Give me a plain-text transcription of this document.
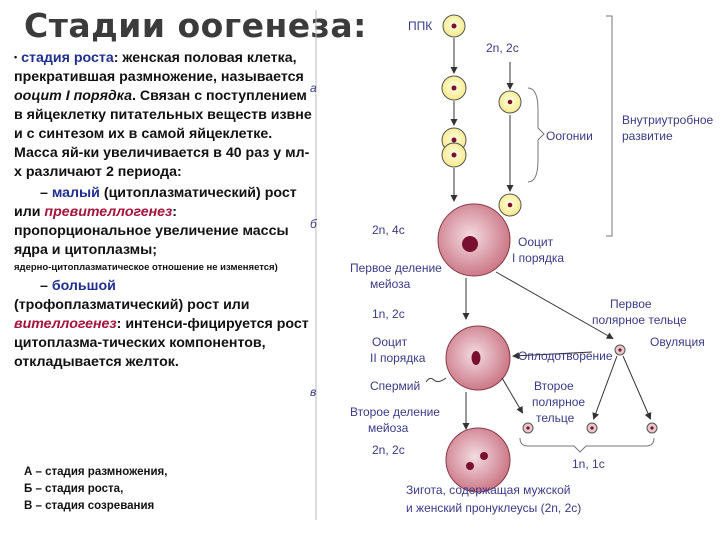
Стадии оогенеза:

• стадия роста: женская половая клетка, прекратившая размножение, называется ооцит I порядка. Связан с поступлением в яйцеклетку питательных веществ извне и с синтезом их в самой яйцеклетке. Масса яй-ки увеличивается в 40 раз у мл-х различают 2 периода:

– малый (цитоплазматический) рост или превителлогенез: пропорциональное увеличение массы ядра и цитоплазмы;

ядерно-цитоплазматическое отношение не изменяется)

– большой
(трофоплазматический) рост или вителлогенез: интенси-фицируется рост цитоплазма-тических компонентов, откладывается желток.

А – стадия размножения,
Б – стадия роста,
В – стадия созревания
а
б
в
ППК
2n, 2c
Оогонии
Внутриутробное
развитие
2n, 4c
Ооцит
I порядка
Первое деление
мейоза
1n, 2c
Первое
полярное тельце
Овуляция
Ооцит
II порядка	Оплодотворение
Спермий	Второе
полярное
тельце
1n, 1c
Второе деление
мейоза
2n, 2c
Зигота, содержащая мужской
и женский пронуклеусы (2n, 2c)
